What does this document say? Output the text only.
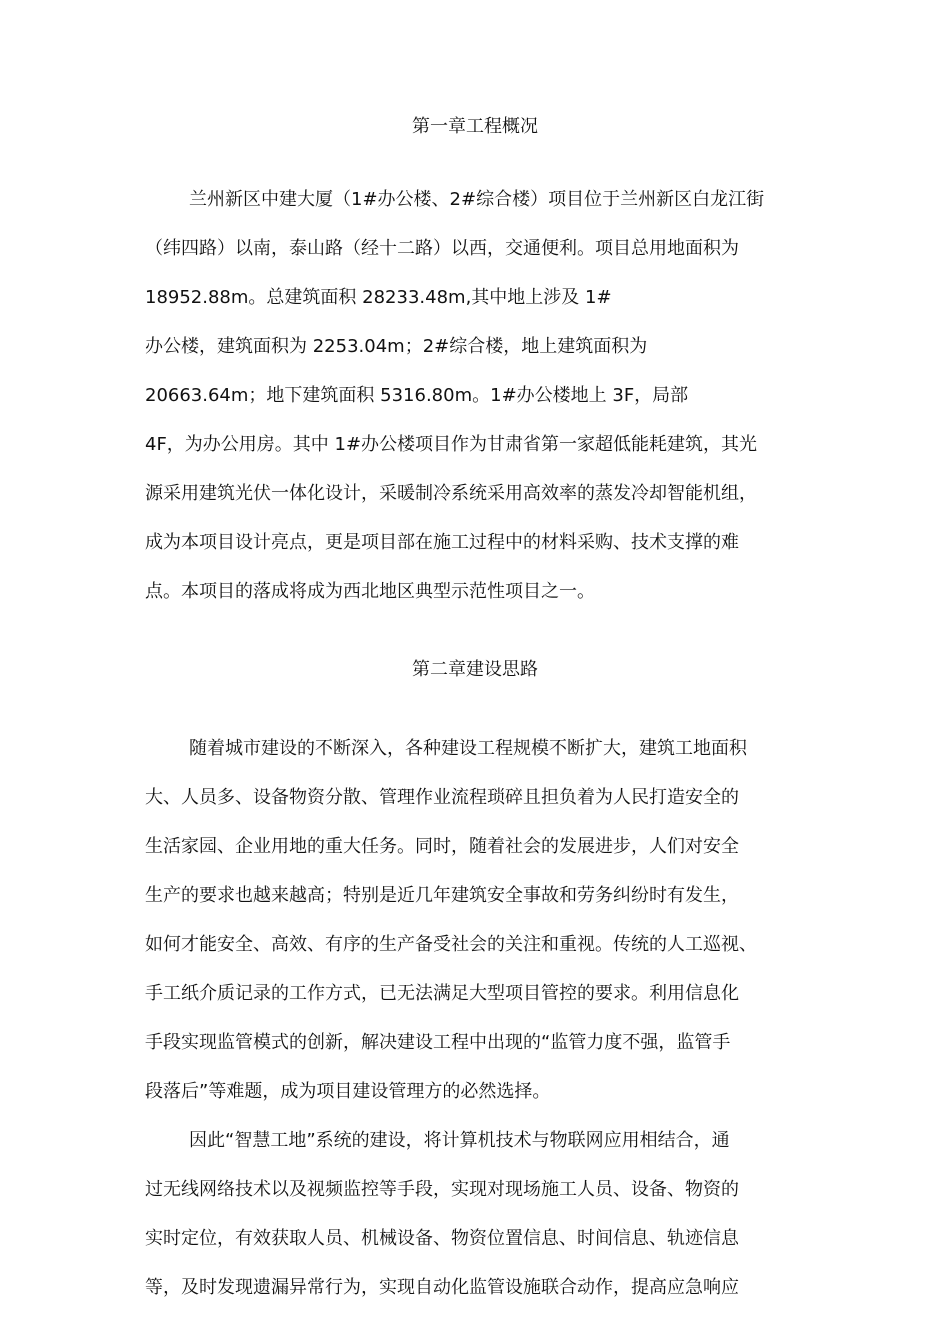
第一章工程概况
兰州新区中建大厦（1#办公楼、2#综合楼）项目位于兰州新区白龙江街
（纬四路）以南，泰山路（经十二路）以西，交通便利。项目总用地面积为
18952.88m。总建筑面积 28233.48m,其中地上涉及 1#
办公楼，建筑面积为 2253.04m；2#综合楼，地上建筑面积为
20663.64m；地下建筑面积 5316.80m。1#办公楼地上 3F，局部
4F，为办公用房。其中 1#办公楼项目作为甘肃省第一家超低能耗建筑，其光
源采用建筑光伏一体化设计，采暖制冷系统采用高效率的蒸发冷却智能机组，
成为本项目设计亮点，更是项目部在施工过程中的材料采购、技术支撑的难
点。本项目的落成将成为西北地区典型示范性项目之一。
第二章建设思路
随着城市建设的不断深入，各种建设工程规模不断扩大，建筑工地面积
大、人员多、设备物资分散、管理作业流程琐碎且担负着为人民打造安全的
生活家园、企业用地的重大任务。同时，随着社会的发展进步，人们对安全
生产的要求也越来越高；特别是近几年建筑安全事故和劳务纠纷时有发生，
如何才能安全、高效、有序的生产备受社会的关注和重视。传统的人工巡视、
手工纸介质记录的工作方式，已无法满足大型项目管控的要求。利用信息化
手段实现监管模式的创新，解决建设工程中出现的“监管力度不强，监管手
段落后”等难题，成为项目建设管理方的必然选择。
因此“智慧工地”系统的建设，将计算机技术与物联网应用相结合，通
过无线网络技术以及视频监控等手段，实现对现场施工人员、设备、物资的
实时定位，有效获取人员、机械设备、物资位置信息、时间信息、轨迹信息
等，及时发现遗漏异常行为，实现自动化监管设施联合动作，提高应急响应
